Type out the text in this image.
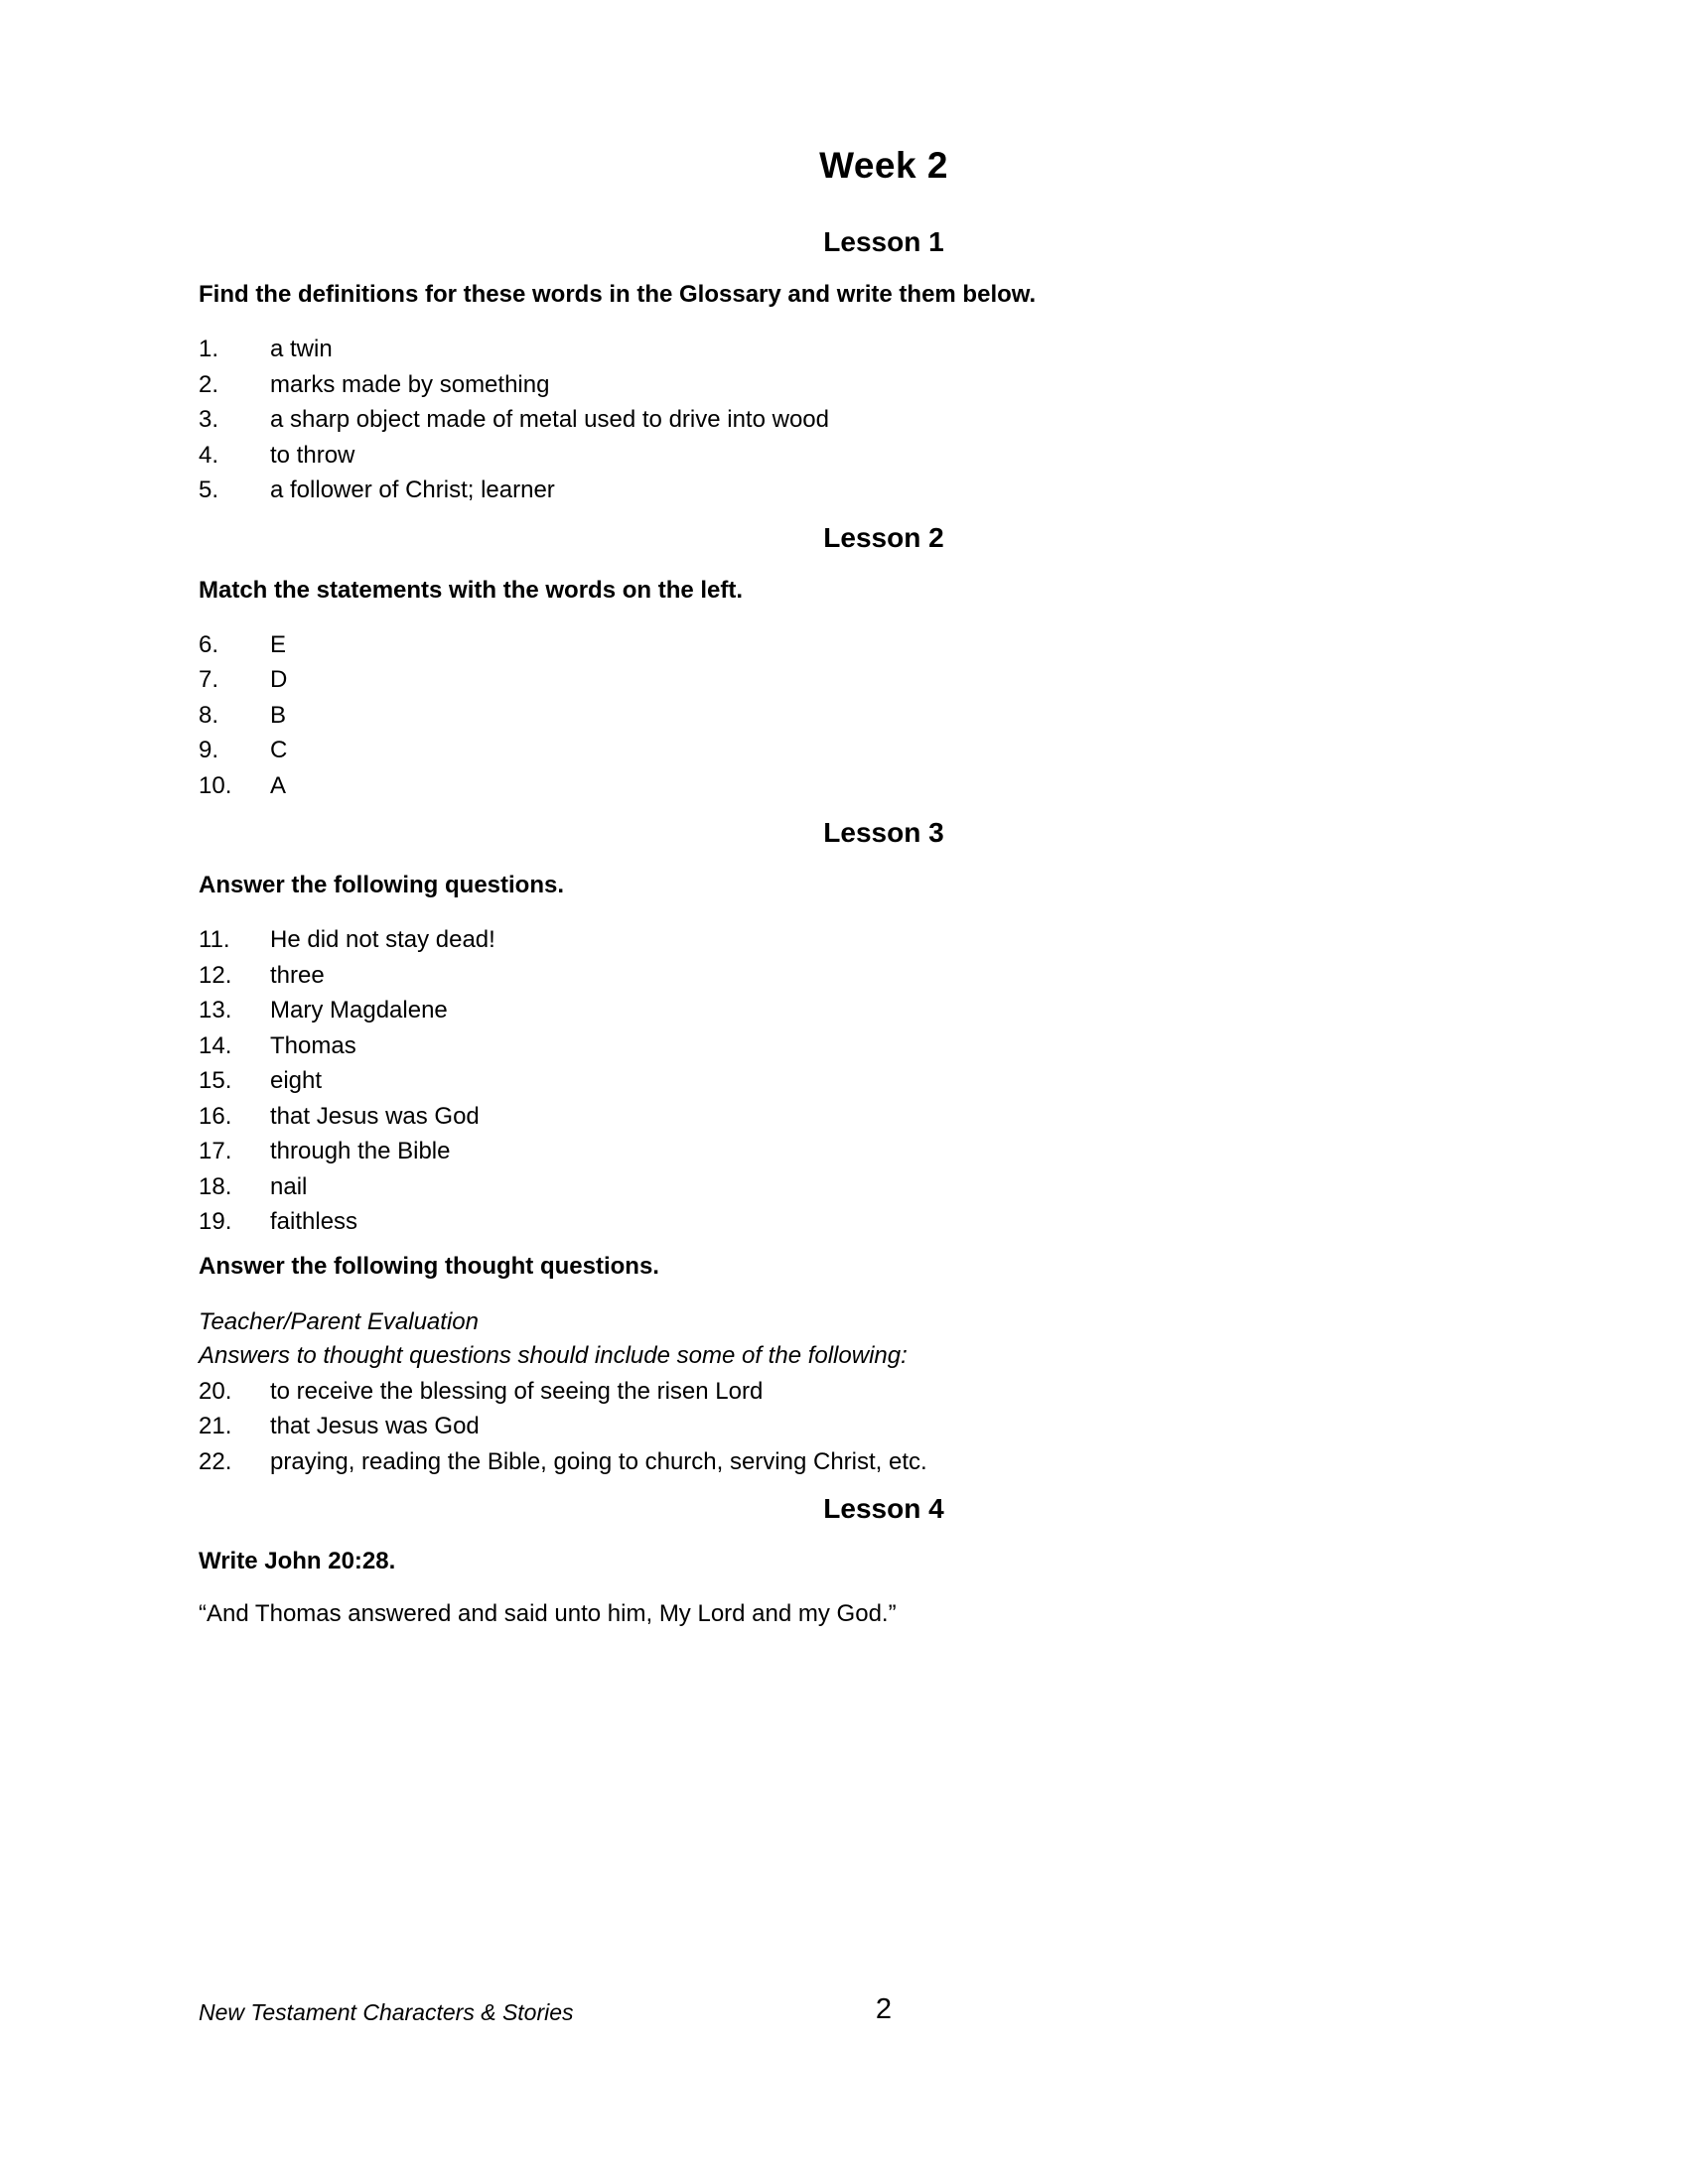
Week 2
Lesson 1
Find the definitions for these words in the Glossary and write them below.
1.	a twin
2.	marks made by something
3.	a sharp object made of metal used to drive into wood
4.	to throw
5.	a follower of Christ; learner
Lesson 2
Match the statements with the words on the left.
6.	E
7.	D
8.	B
9.	C
10.	A
Lesson 3
Answer the following questions.
11.	He did not stay dead!
12.	three
13.	Mary Magdalene
14.	Thomas
15.	eight
16.	that Jesus was God
17.	through the Bible
18.	nail
19.	faithless
Answer the following thought questions.
Teacher/Parent Evaluation
Answers to thought questions should include some of the following:
20.	to receive the blessing of seeing the risen Lord
21.	that Jesus was God
22.	praying, reading the Bible, going to church, serving Christ, etc.
Lesson 4
Write John 20:28.
“And Thomas answered and said unto him, My Lord and my God.”
New Testament Characters & Stories	2
